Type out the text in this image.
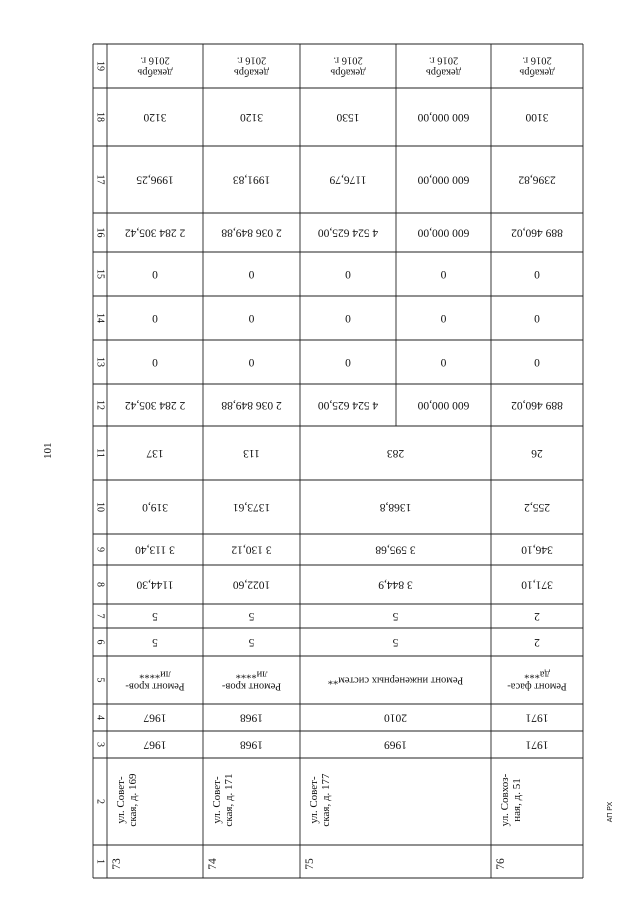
101
АП РХ
1
2
3
4
5
6
7
8
9
10
11
12
13
14
15
16
17
18
19
73
ул. Совет- ская, д. 169
1967
1967
Ремонт кров-
ли****
5
5
1144,30
3 113,40
319,0
137
2 284 305,42
0
0
0
2 284 305,42
1996,25
3120
декабрь
2016 г.
74
ул. Совет- ская, д. 171
1968
1968
Ремонт кров-
ли****
5
5
1022,60
3 130,12
1373,61
113
2 036 849,88
0
0
0
2 036 849,88
1991,83
3120
декабрь
2016 г.
75
ул. Совет- ская, д. 177
1969
2010
Ремонт инженерных систем**
5
5
3 844,9
3 595,68
1368,8
283
4 524 625,00
0
0
0
4 524 625,00
1176,79
1530
декабрь
2016 г.
600 000,00
0
0
0
600 000,00
600 000,00
600 000,00
декабрь
2016 г.
76
ул. Совхоз- ная, д. 51
1971
1971
Ремонт фаса-
да***
2
2
371,10
346,10
255,2
26
889 460,02
0
0
0
889 460,02
2396,82
3100
декабрь
2016 г.
